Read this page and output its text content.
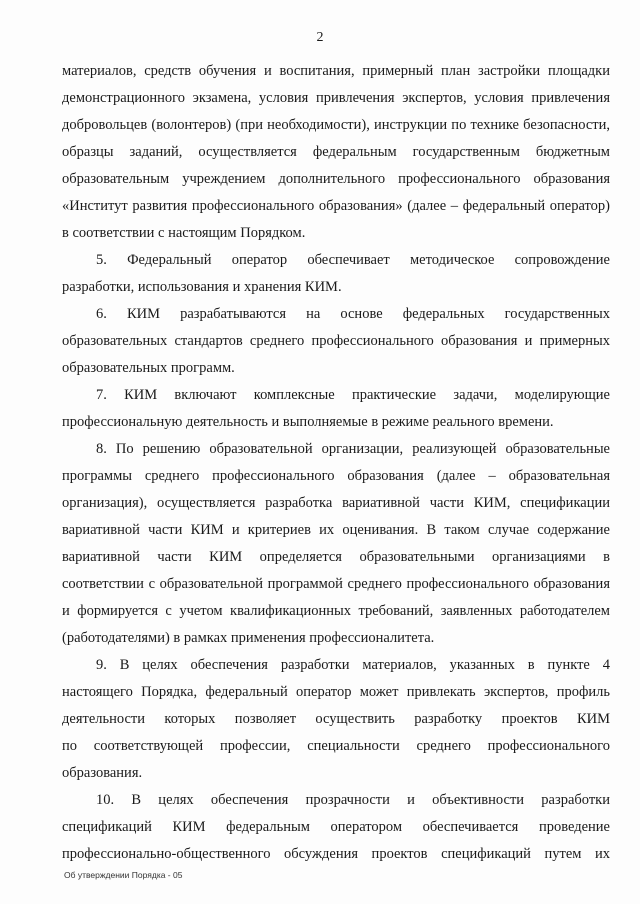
2
материалов, средств обучения и воспитания, примерный план застройки площадки
демонстрационного экзамена, условия привлечения экспертов, условия привлечения
добровольцев (волонтеров) (при необходимости), инструкции по технике безопасности,
образцы заданий, осуществляется федеральным государственным бюджетным
образовательным учреждением дополнительного профессионального образования
«Институт развития профессионального образования» (далее – федеральный оператор)
в соответствии с настоящим Порядком.
5. Федеральный оператор обеспечивает методическое сопровождение
разработки, использования и хранения КИМ.
6. КИМ разрабатываются на основе федеральных государственных
образовательных стандартов среднего профессионального образования и примерных
образовательных программ.
7. КИМ включают комплексные практические задачи, моделирующие
профессиональную деятельность и выполняемые в режиме реального времени.
8. По решению образовательной организации, реализующей образовательные
программы среднего профессионального образования (далее – образовательная
организация), осуществляется разработка вариативной части КИМ, спецификации
вариативной части КИМ и критериев их оценивания. В таком случае содержание
вариативной части КИМ определяется образовательными организациями в
соответствии с образовательной программой среднего профессионального образования
и формируется с учетом квалификационных требований, заявленных работодателем
(работодателями) в рамках применения профессионалитета.
9. В целях обеспечения разработки материалов, указанных в пункте 4
настоящего Порядка, федеральный оператор может привлекать экспертов, профиль
деятельности которых позволяет осуществить разработку проектов КИМ
по соответствующей профессии, специальности среднего профессионального
образования.
10. В целях обеспечения прозрачности и объективности разработки
спецификаций КИМ федеральным оператором обеспечивается проведение
профессионально-общественного обсуждения проектов спецификаций путем их
Об утверждении Порядка - 05
